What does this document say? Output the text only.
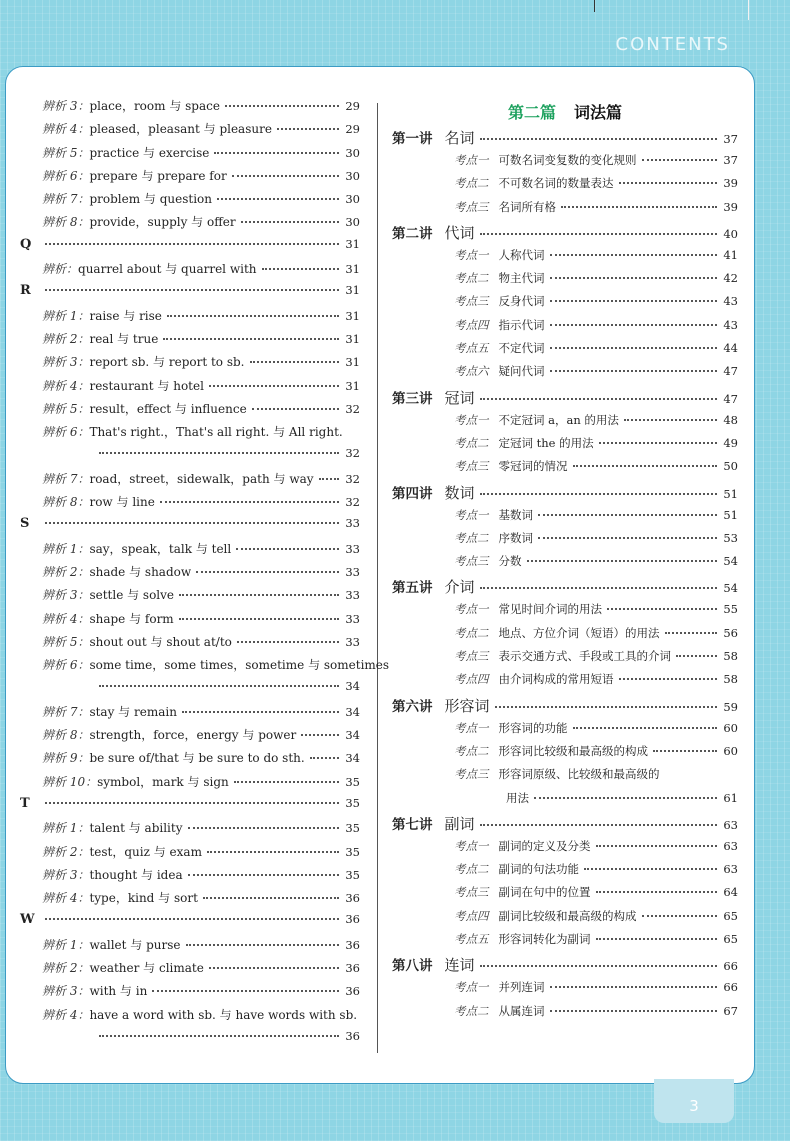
CONTENTS
辨析 3：place，room 与 space	29
辨析 4：pleased，pleasant 与 pleasure	29
辨析 5：practice 与 exercise	30
辨析 6：prepare 与 prepare for	30
辨析 7：problem 与 question	30
辨析 8：provide，supply 与 offer	30
Q	31
辨析：quarrel about 与 quarrel with	31
R	31
辨析 1：raise 与 rise	31
辨析 2：real 与 true	31
辨析 3：report sb. 与 report to sb.	31
辨析 4：restaurant 与 hotel	31
辨析 5：result，effect 与 influence	32
辨析 6：That's right.，That's all right. 与 All right.
32
辨析 7：road，street，sidewalk，path 与 way	32
辨析 8：row 与 line	32
S	33
辨析 1：say，speak，talk 与 tell	33
辨析 2：shade 与 shadow	33
辨析 3：settle 与 solve	33
辨析 4：shape 与 form	33
辨析 5：shout out 与 shout at/to	33
辨析 6：some time，some times，sometime 与 sometimes
34
辨析 7：stay 与 remain	34
辨析 8：strength，force，energy 与 power	34
辨析 9：be sure of/that 与 be sure to do sth.	34
辨析 10：symbol，mark 与 sign	35
T	35
辨析 1：talent 与 ability	35
辨析 2：test，quiz 与 exam	35
辨析 3：thought 与 idea	35
辨析 4：type，kind 与 sort	36
W	36
辨析 1：wallet 与 purse	36
辨析 2：weather 与 climate	36
辨析 3：with 与 in	36
辨析 4：have a word with sb. 与 have words with sb.
36
第二篇 词法篇
第一讲 名词	37
考点一 可数名词变复数的变化规则	37
考点二 不可数名词的数量表达	39
考点三 名词所有格	39
第二讲 代词	40
考点一 人称代词	41
考点二 物主代词	42
考点三 反身代词	43
考点四 指示代词	43
考点五 不定代词	44
考点六 疑问代词	47
第三讲 冠词	47
考点一 不定冠词 a，an 的用法	48
考点二 定冠词 the 的用法	49
考点三 零冠词的情况	50
第四讲 数词	51
考点一 基数词	51
考点二 序数词	53
考点三 分数	54
第五讲 介词	54
考点一 常见时间介词的用法	55
考点二 地点、方位介词（短语）的用法	56
考点三 表示交通方式、手段或工具的介词	58
考点四 由介词构成的常用短语	58
第六讲 形容词	59
考点一 形容词的功能	60
考点二 形容词比较级和最高级的构成	60
考点三 形容词原级、比较级和最高级的
用法	61
第七讲 副词	63
考点一 副词的定义及分类	63
考点二 副词的句法功能	63
考点三 副词在句中的位置	64
考点四 副词比较级和最高级的构成	65
考点五 形容词转化为副词	65
第八讲 连词	66
考点一 并列连词	66
考点二 从属连词	67
3
